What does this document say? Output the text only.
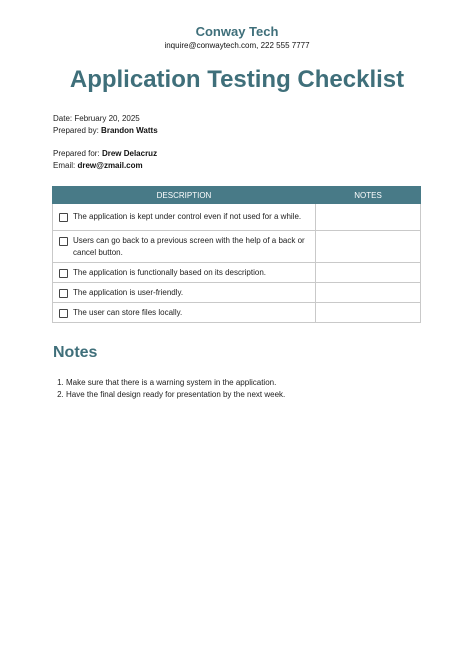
Conway Tech
inquire@conwaytech.com, 222 555 7777
Application Testing Checklist
Date: February 20, 2025
Prepared by: Brandon Watts
Prepared for: Drew Delacruz
Email: drew@zmail.com
DESCRIPTION	NOTES

The application is kept under control even if not used for a while.	

Users can go back to a previous screen with the help of a back or cancel button.	

The application is functionally based on its description.	

The application is user-friendly.	

The user can store files locally.	

Notes
1. Make sure that there is a warning system in the application.
2. Have the final design ready for presentation by the next week.
